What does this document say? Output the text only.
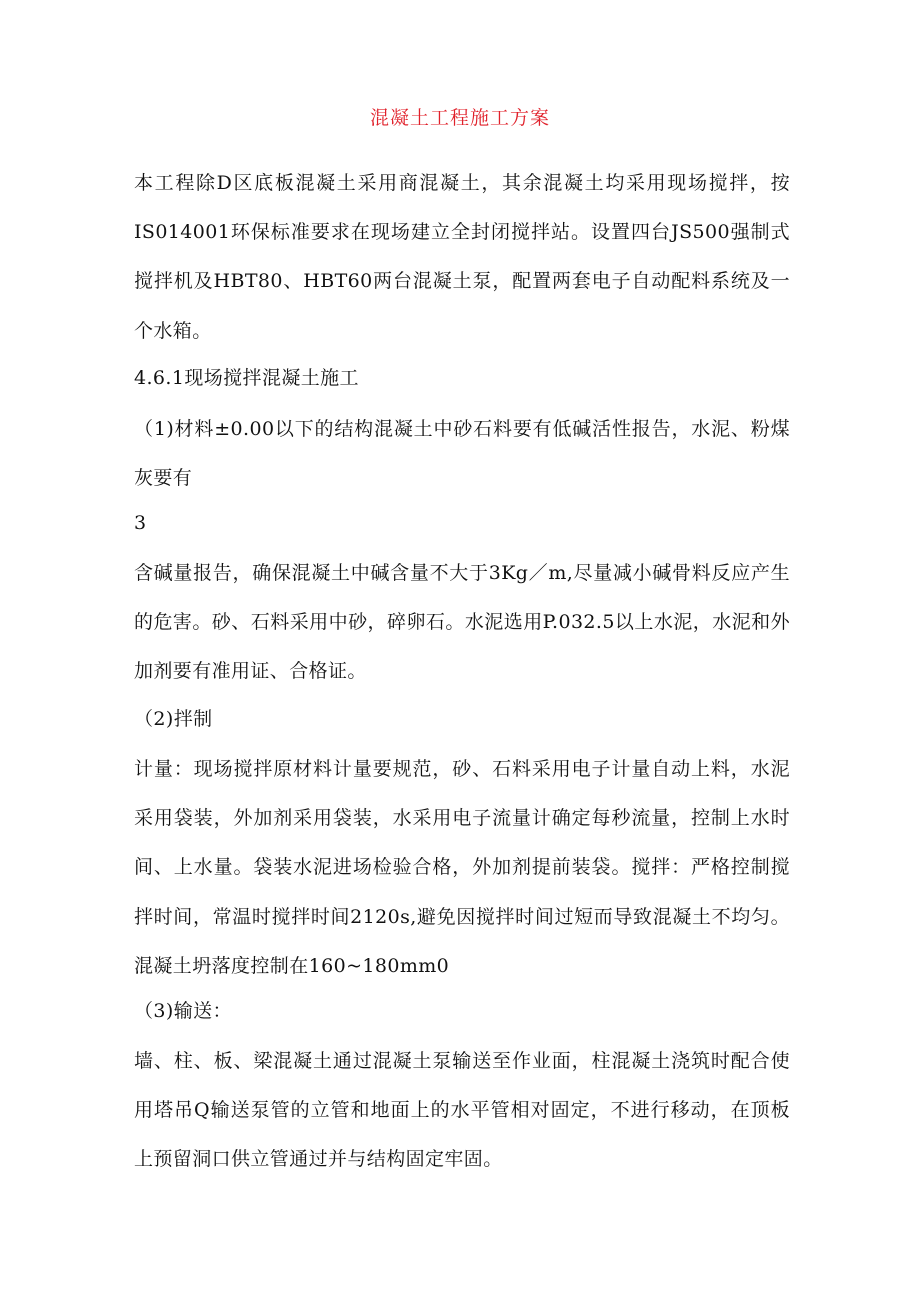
混凝土工程施工方案
本工程除D区底板混凝土采用商混凝土，其余混凝土均采用现场搅拌，按IS014001环保标准要求在现场建立全封闭搅拌站。设置四台JS500强制式搅拌机及HBT80、HBT60两台混凝土泵，配置两套电子自动配料系统及一个水箱。
4.6.1现场搅拌混凝土施工
（1)材料±0.00以下的结构混凝土中砂石料要有低碱活性报告，水泥、粉煤灰要有
3
含碱量报告，确保混凝土中碱含量不大于3Kg／m,尽量减小碱骨料反应产生的危害。砂、石料采用中砂，碎卵石。水泥选用P.032.5以上水泥，水泥和外加剂要有准用证、合格证。
（2)拌制
计量：现场搅拌原材料计量要规范，砂、石料采用电子计量自动上料，水泥采用袋装，外加剂采用袋装，水采用电子流量计确定每秒流量，控制上水时间、上水量。袋装水泥进场检验合格，外加剂提前装袋。搅拌：严格控制搅拌时间，常温时搅拌时间2120s,避免因搅拌时间过短而导致混凝土不均匀。混凝土坍落度控制在160~180mm0
（3)输送：
墙、柱、板、梁混凝土通过混凝土泵输送至作业面，柱混凝土浇筑时配合使用塔吊Q输送泵管的立管和地面上的水平管相对固定，不进行移动，在顶板上预留洞口供立管通过并与结构固定牢固。
